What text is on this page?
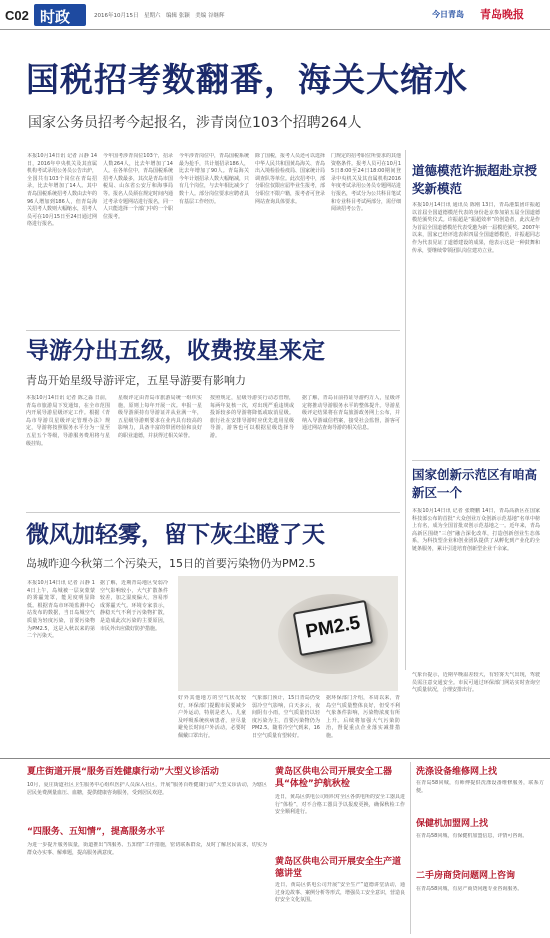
C02 时政	2016年10月15日　星期六　编辑 张颖　美编 谷继辉	今日青岛 青岛晚报
国税招考数翻番，海关大缩水
国家公务员招考今起报名，涉青岗位103个招聘264人
本报10月14日讯 记者 吕静 14日，2016年中央机关及其直属机构考试录用公务员公告出炉，全国共有103个岗位在青岛招录，比去年增加了14人。其中青岛国税系统招考人数由去年的96人增加到186人，但青岛海关招考人数则大幅缩水，招考人员可在10月15日至24日通过网络进行报名。
今年国考涉青岗位103个，招录人数264人，比去年增加了14人。在各单位中，青岛国税系统招考人数最多，其次是青岛市国税局、山东省公安厅和海事局等。报名人员须在规定时间内通过考录专题网站进行报名，同一人只能选择一个部门中的一个职位报考。
今年涉青岗位中，青岛国税系统最为抢手，共计划招录186人，比去年增加了90人。青岛海关今年计划招录人数大幅缩减，只有几个岗位，与去年相比减少了数十人。部分岗位要求应聘者具有基层工作经历。
除了国税，报考人员还可以选择中华人民共和国黄岛海关、青岛出入境检验检疫局、国家统计局调查队等单位。此次招考中，部分职位仅限应届毕业生报考，部分职位不限户籍，报考者可登录网站查询具体要求。
门规定的招考职位所要求的其他资格条件。报考人员可在10月15日8:00至24日18:00期间登录中央机关及其直属机构2016年度考试录用公务员专题网站进行报名，考试分为公共科目笔试和专业科目考试两部分，需仔细阅读招考公告。
道德模范许振超赴京授奖新模范
本报10月14日讯 通讯员 陈刚 13日，青岛港集团许振超以首届全国道德模范代表的身份赴京参加第五届全国道德模范颁奖仪式。许振超是“振超效率”的创造者，此次是作为首届全国道德模范代表受邀为新一届模范颁奖。2007年以来，国家已经评选表彰四届全国道德模范，许振超同志作为代表见证了道德建设的成果，他表示这是一种鼓舞和传承，要继续带领团队岗位建功立业。
国家创新示范区有咱高新区一个
本报10月14日讯 记者 张晓鹏 14日，青岛高新区在国家科技部公布的首批“大众创业万众创新示范基地”名单中榜上有名，成为全国首批双创示范基地之一。近年来，青岛高新区围绕“三创”融合深化改革，打造创新创业生态体系，为科技型企业和创业团队提供了从孵化到产业化的全链条服务，累计引进培育创新型企业千余家。
导游分出五级，收费按星来定
青岛开始星级导游评定，五星导游要有影响力
本报10月14日讯 记者 陈之淼 日前，青岛市旅游局下发通知，在全市范围内开展导游星级评定工作。根据《青岛市导游员星级评定管理办法》规定，导游将按照服务水平分为一星至五星五个等级，导游服务费用将与星级挂钩。
星级评定由青岛市旅游局统一组织实施，原则上每年开展一次。申报一星级导游须持有导游证并从业满一年，五星级导游则要求在业内具有较高的影响力，具备丰富的带团经验和良好的职业道德，并获得过相关荣誉。
按照规定，星级导游实行动态管理，每两年复核一次，对出现严重违规或投诉较多的导游将降低或取消星级。旅行社在安排导游时应优先选用星级导游，游客也可以根据星级选择导游。
据了解，青岛目前持证导游约万人，星级评定将推动导游服务水平的整体提升。导游星级评定结果将在青岛旅游政务网上公布，并纳入导游诚信档案，接受社会监督，游客可通过网站查询导游的相关信息。
微风加轻雾，留下灰尘瞪了天
岛城昨迎今秋第二个污染天，15日的首要污染物仍为PM2.5
本报10月14日讯 记者 吕静 14日上午，岛城被一层灰蒙蒙的雾霾笼罩，能见度明显降低。根据青岛市环境监测中心站发布的数据，当日岛城空气质量为轻度污染，首要污染物为PM2.5，这是入秋以来的第二个污染天。
据了解，近期青岛地区受弱冷空气影响较小，大气扩散条件较差，加之湿度偏大，容易形成雾霾天气。环境专家表示，静稳天气不利于污染物扩散，是造成此次污染的主要原因，市民外出应做好防护措施。	PM2.5
好外其他地方的空气状况较好，环保部门提醒市民要减少户外运动，特别是老人、儿童及呼吸系统疾病患者，应尽量避免长时间户外活动，必要时佩戴口罩出行。
气象部门预计，15日青岛仍受弱冷空气影响，白天多云，夜间阴有小雨，空气质量仍以轻度污染为主，首要污染物仍为PM2.5。随着冷空气到来，16日空气质量有望转好。
据环保部门介绍，本周以来，青岛空气质量整体良好，但受不利气象条件影响，污染物浓度有所上升。后续将加强大气污染防治，督促重点企业落实减排措施。
气象台提示，近期早晚温差较大，有轻雾天气出现，驾驶员需注意交通安全。市民可通过环保部门网站实时查询空气质量状况，合理安排出行。
夏庄街道开展“服务百姓健康行动”大型义诊活动
10月，夏庄街道社区卫生服务中心组织医护人员深入社区，开展“服务百姓健康行动”大型义诊活动，为辖区居民免费测量血压、血糖，提供健康咨询服务，受到居民欢迎。
“四服务、五知情”，提高服务水平
为进一步提升服务质量，街道推出“四服务、五知情”工作措施，密切联系群众，及时了解居民需求，切实为群众办实事、解难题，提高服务满意度。
黄岛区供电公司开展安全工器具“体检”护航秋检
近日，黄岛区供电公司组织对全区各供电所的安全工器具进行“体检”，对不合格工器具予以报废更换，确保秋检工作安全顺利进行。
黄岛区供电公司开展安全生产道德讲堂
近日，黄岛区供电公司开展“安全生产”道德讲堂活动，通过身边故事、案例分析等形式，增强员工安全意识，营造良好安全文化氛围。
洗涤设备维修网上找
在青岛58同城，有师傅提供洗涤设备维修服务，联系方便。
保健机加盟网上找
在青岛58同城，有保健机加盟信息，详情可咨询。
二手房商贷问题网上咨询
在青岛58同城，有房产商贷问题专业咨询服务。
